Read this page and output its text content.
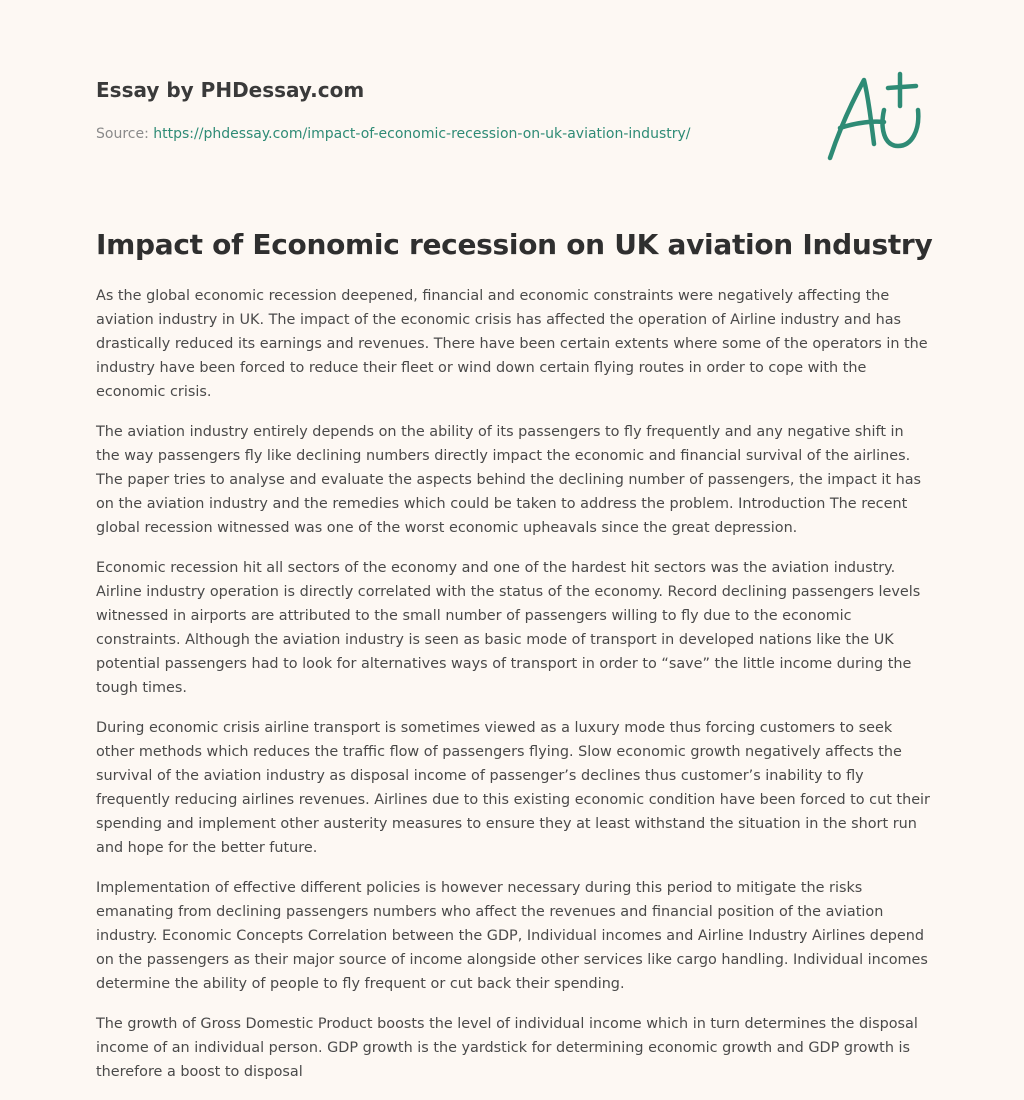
Essay by PHDessay.com

Source: https://phdessay.com/impact-of-economic-recession-on-uk-aviation-industry/
Impact of Economic recession on UK aviation Industry

As the global economic recession deepened, financial and economic constraints were negatively affecting the aviation industry in UK. The impact of the economic crisis has affected the operation of Airline industry and has drastically reduced its earnings and revenues. There have been certain extents where some of the operators in the industry have been forced to reduce their fleet or wind down certain flying routes in order to cope with the economic crisis.

The aviation industry entirely depends on the ability of its passengers to fly frequently and any negative shift in the way passengers fly like declining numbers directly impact the economic and financial survival of the airlines. The paper tries to analyse and evaluate the aspects behind the declining number of passengers, the impact it has on the aviation industry and the remedies which could be taken to address the problem. Introduction The recent global recession witnessed was one of the worst economic upheavals since the great depression.

Economic recession hit all sectors of the economy and one of the hardest hit sectors was the aviation industry. Airline industry operation is directly correlated with the status of the economy. Record declining passengers levels witnessed in airports are attributed to the small number of passengers willing to fly due to the economic constraints. Although the aviation industry is seen as basic mode of transport in developed nations like the UK potential passengers had to look for alternatives ways of transport in order to “save” the little income during the tough times.

During economic crisis airline transport is sometimes viewed as a luxury mode thus forcing customers to seek other methods which reduces the traffic flow of passengers flying. Slow economic growth negatively affects the survival of the aviation industry as disposal income of passenger’s declines thus customer’s inability to fly frequently reducing airlines revenues. Airlines due to this existing economic condition have been forced to cut their spending and implement other austerity measures to ensure they at least withstand the situation in the short run and hope for the better future.

Implementation of effective different policies is however necessary during this period to mitigate the risks emanating from declining passengers numbers who affect the revenues and financial position of the aviation industry. Economic Concepts Correlation between the GDP, Individual incomes and Airline Industry Airlines depend on the passengers as their major source of income alongside other services like cargo handling. Individual incomes determine the ability of people to fly frequent or cut back their spending.

The growth of Gross Domestic Product boosts the level of individual income which in turn determines the disposal income of an individual person. GDP growth is the yardstick for determining economic growth and GDP growth is therefore a boost to disposal
